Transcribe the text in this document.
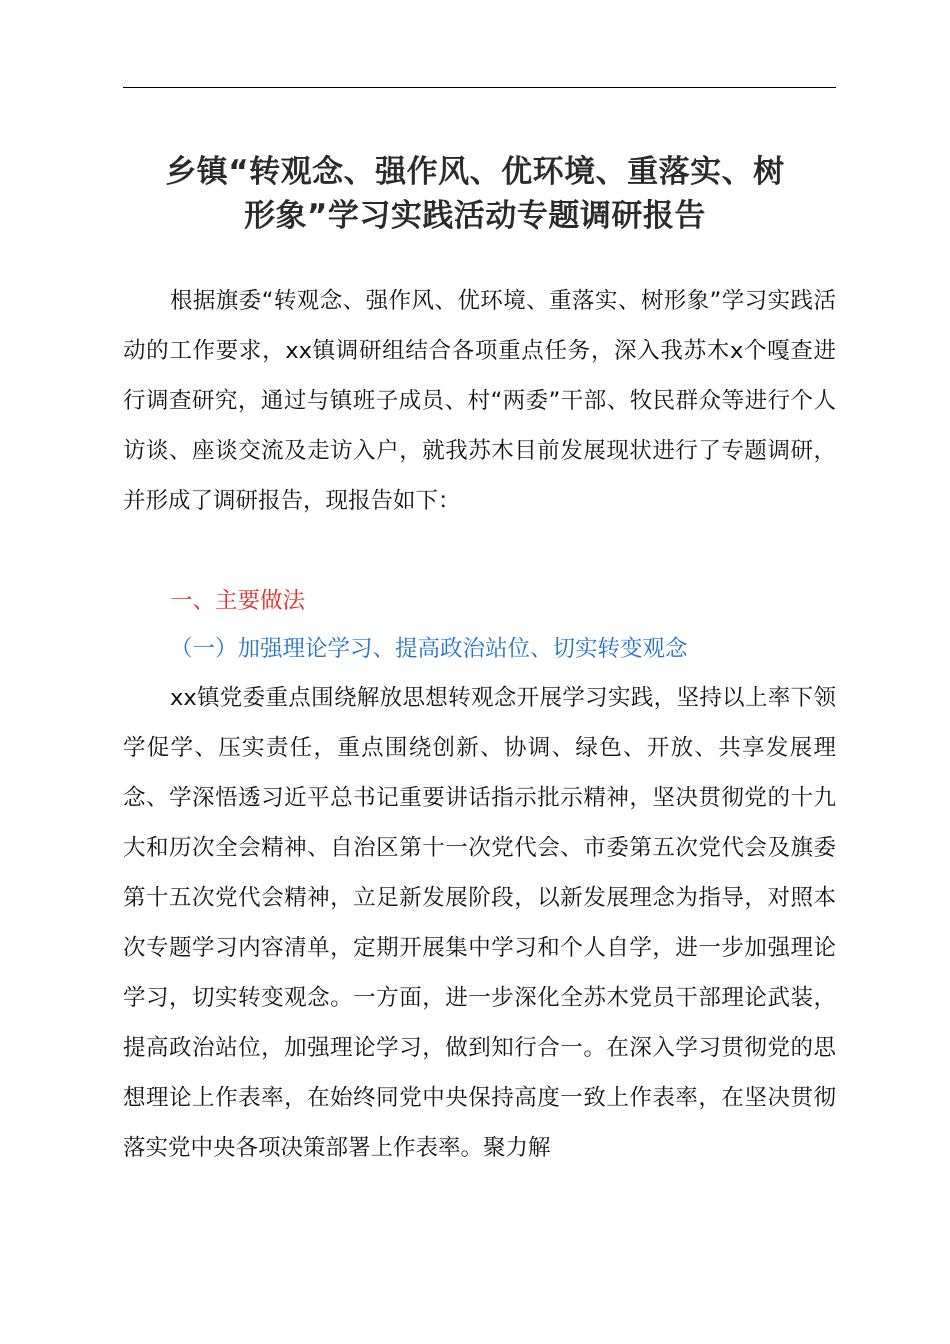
乡镇“转观念、强作风、优环境、重落实、树
形象”学习实践活动专题调研报告

根据旗委“转观念、强作风、优环境、重落实、树形象”学习实践活动的工作要求，xx镇调研组结合各项重点任务，深入我苏木x个嘎查进行调查研究，通过与镇班子成员、村“两委”干部、牧民群众等进行个人访谈、座谈交流及走访入户，就我苏木目前发展现状进行了专题调研，并形成了调研报告，现报告如下：

一、主要做法
（一）加强理论学习、提高政治站位、切实转变观念

xx镇党委重点围绕解放思想转观念开展学习实践，坚持以上率下领学促学、压实责任，重点围绕创新、协调、绿色、开放、共享发展理念、学深悟透习近平总书记重要讲话指示批示精神，坚决贯彻党的十九大和历次全会精神、自治区第十一次党代会、市委第五次党代会及旗委第十五次党代会精神，立足新发展阶段，以新发展理念为指导，对照本次专题学习内容清单，定期开展集中学习和个人自学，进一步加强理论学习，切实转变观念。一方面，进一步深化全苏木党员干部理论武装，提高政治站位，加强理论学习，做到知行合一。在深入学习贯彻党的思想理论上作表率，在始终同党中央保持高度一致上作表率，在坚决贯彻落实党中央各项决策部署上作表率。聚力解
